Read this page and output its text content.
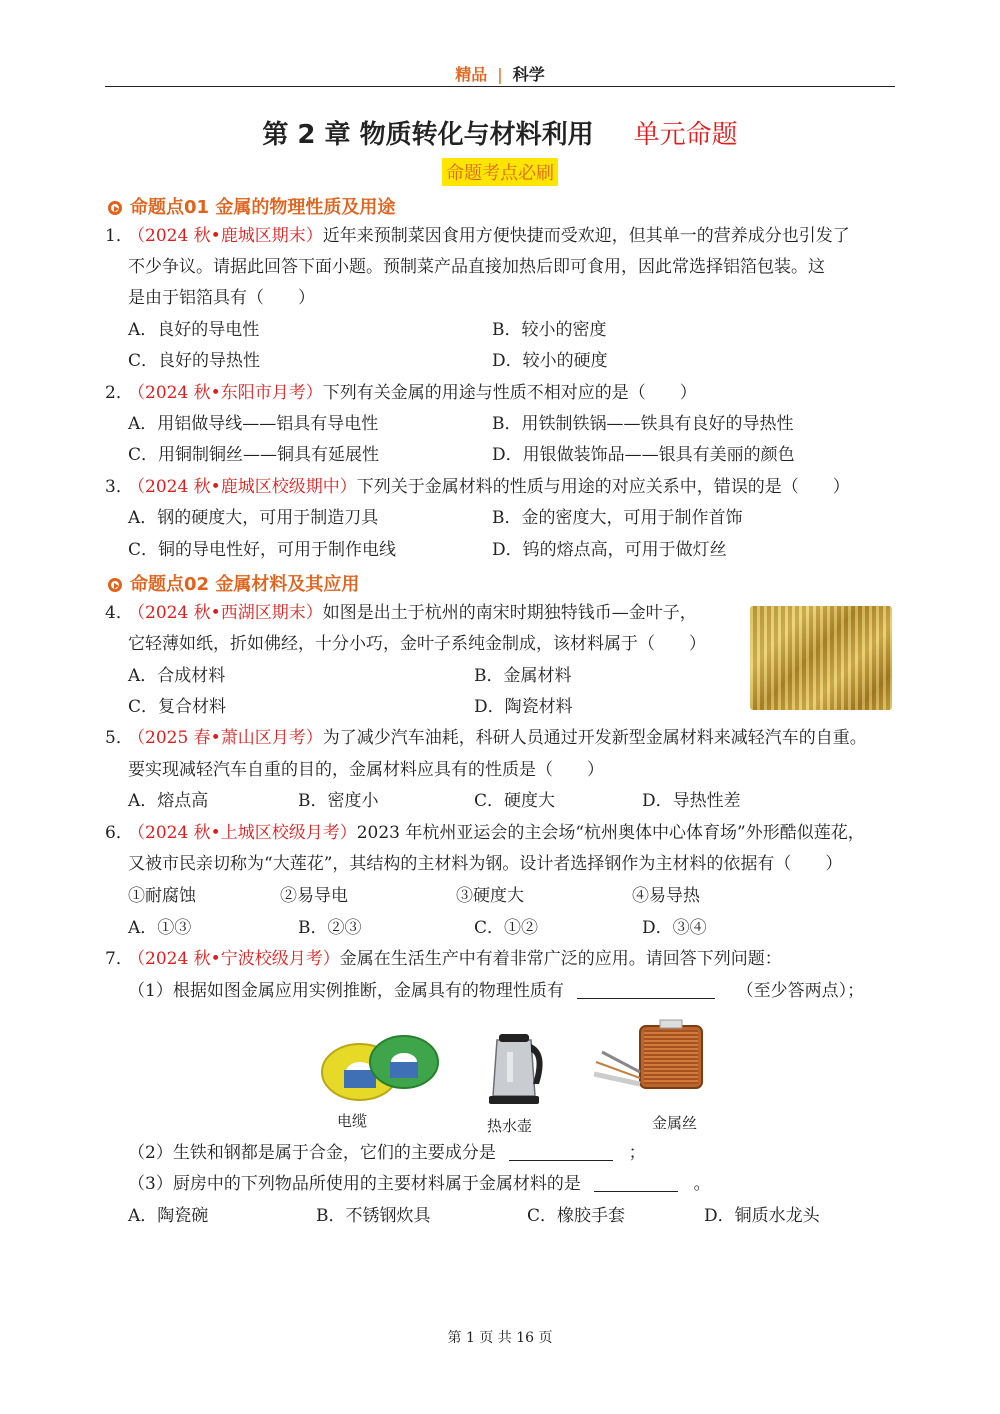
精品 | 科学
第 2 章 物质转化与材料利用 单元命题
命题考点必刷
命题点01 金属的物理性质及用途
1．
（2024 秋•鹿城区期末）近年来预制菜因食用方便快捷而受欢迎，但其单一的营养成分也引发了
不少争议。请据此回答下面小题。预制菜产品直接加热后即可食用，因此常选择铝箔包装。这
是由于铝箔具有（　　）
A．良好的导电性	B．较小的密度
C．良好的导热性	D．较小的硬度
2．
（2024 秋•东阳市月考）下列有关金属的用途与性质不相对应的是（　　）
A．用铝做导线——铝具有导电性	B．用铁制铁锅——铁具有良好的导热性
C．用铜制铜丝——铜具有延展性	D．用银做装饰品——银具有美丽的颜色
3．
（2024 秋•鹿城区校级期中）下列关于金属材料的性质与用途的对应关系中，错误的是（　　）
A．钢的硬度大，可用于制造刀具	B．金的密度大，可用于制作首饰
C．铜的导电性好，可用于制作电线	D．钨的熔点高，可用于做灯丝
命题点02 金属材料及其应用
4．
（2024 秋•西湖区期末）如图是出土于杭州的南宋时期独特钱币—金叶子，
它轻薄如纸，折如佛经，十分小巧，金叶子系纯金制成，该材料属于（　　）
A．合成材料	B．金属材料
C．复合材料	D．陶瓷材料
5．
（2025 春•萧山区月考）为了减少汽车油耗，科研人员通过开发新型金属材料来减轻汽车的自重。
要实现减轻汽车自重的目的，金属材料应具有的性质是（　　）
A．熔点高	B．密度小	C．硬度大	D．导热性差
6．
（2024 秋•上城区校级月考）2023 年杭州亚运会的主会场“杭州奥体中心体育场”外形酷似莲花，
又被市民亲切称为“大莲花”，其结构的主材料为钢。设计者选择钢作为主材料的依据有（　　）
①耐腐蚀	②易导电	③硬度大	④易导热
A．①③	B．②③	C．①②	D．③④
7．
（2024 秋•宁波校级月考）金属在生活生产中有着非常广泛的应用。请回答下列问题：
（1）根据如图金属应用实例推断，金属具有的物理性质有	（至少答两点）；
电缆	热水壶	金属丝
（2）生铁和钢都是属于合金，它们的主要成分是	；
（3）厨房中的下列物品所使用的主要材料属于金属材料的是	。
A．陶瓷碗	B．不锈钢炊具	C．橡胶手套	D．铜质水龙头
第 1 页 共 16 页
